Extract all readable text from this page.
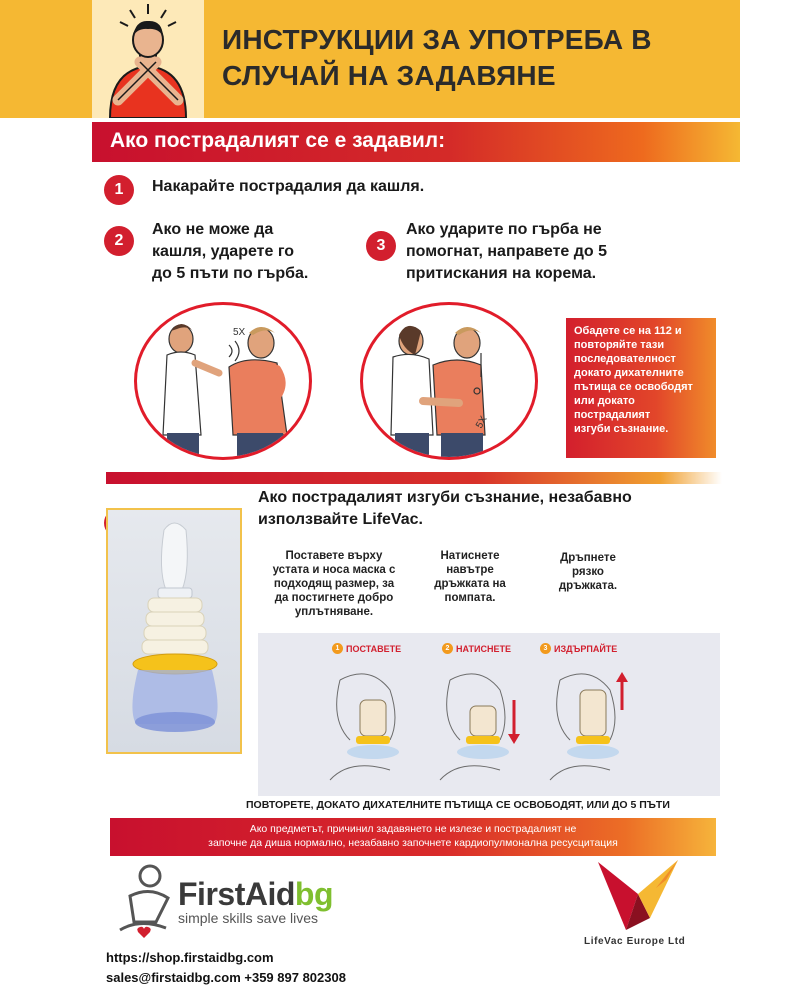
ИНСТРУКЦИИ ЗА УПОТРЕБА В
СЛУЧАЙ НА ЗАДАВЯНЕ
Ако пострадалият се е задавил:
1	Накарайте пострадалия да кашля.
2
Ако не може да
кашля, ударете го
до 5 пъти по гърба.
3
Ако ударите по гърба не
помогнат, направете до 5
притискания на корема.
5X
5X
Обадете се на 112 и
повторяйте тази
последователност
докато дихателните
пътища се освободят
или докато
пострадалият
изгуби съзнание.
Ако пострадалият изгуби съзнание, незабавно
използвайте LifeVac.
Поставете върху
устата и носа маска с
подходящ размер, за
да постигнете добро
уплътняване.
Натиснете
навътре
дръжката на
помпата.
Дръпнете
рязко
дръжката.
1 ПОСТАВЕТЕ	2 НАТИСНЕТЕ	3 ИЗДЪРПАЙТЕ
ПОВТОРЕТЕ, ДОКАТО ДИХАТЕЛНИТЕ ПЪТИЩА СЕ ОСВОБОДЯТ, ИЛИ ДО 5 ПЪТИ
Ако предметът, причинил задавянето не излезе и пострадалият не
започне да диша нормално, незабавно започнете кардиопулмонална ресусцитация
FirstAidbg
simple skills save lives
https://shop.firstaidbg.com
sales@firstaidbg.com +359 897 802308
LifeVac Europe Ltd
